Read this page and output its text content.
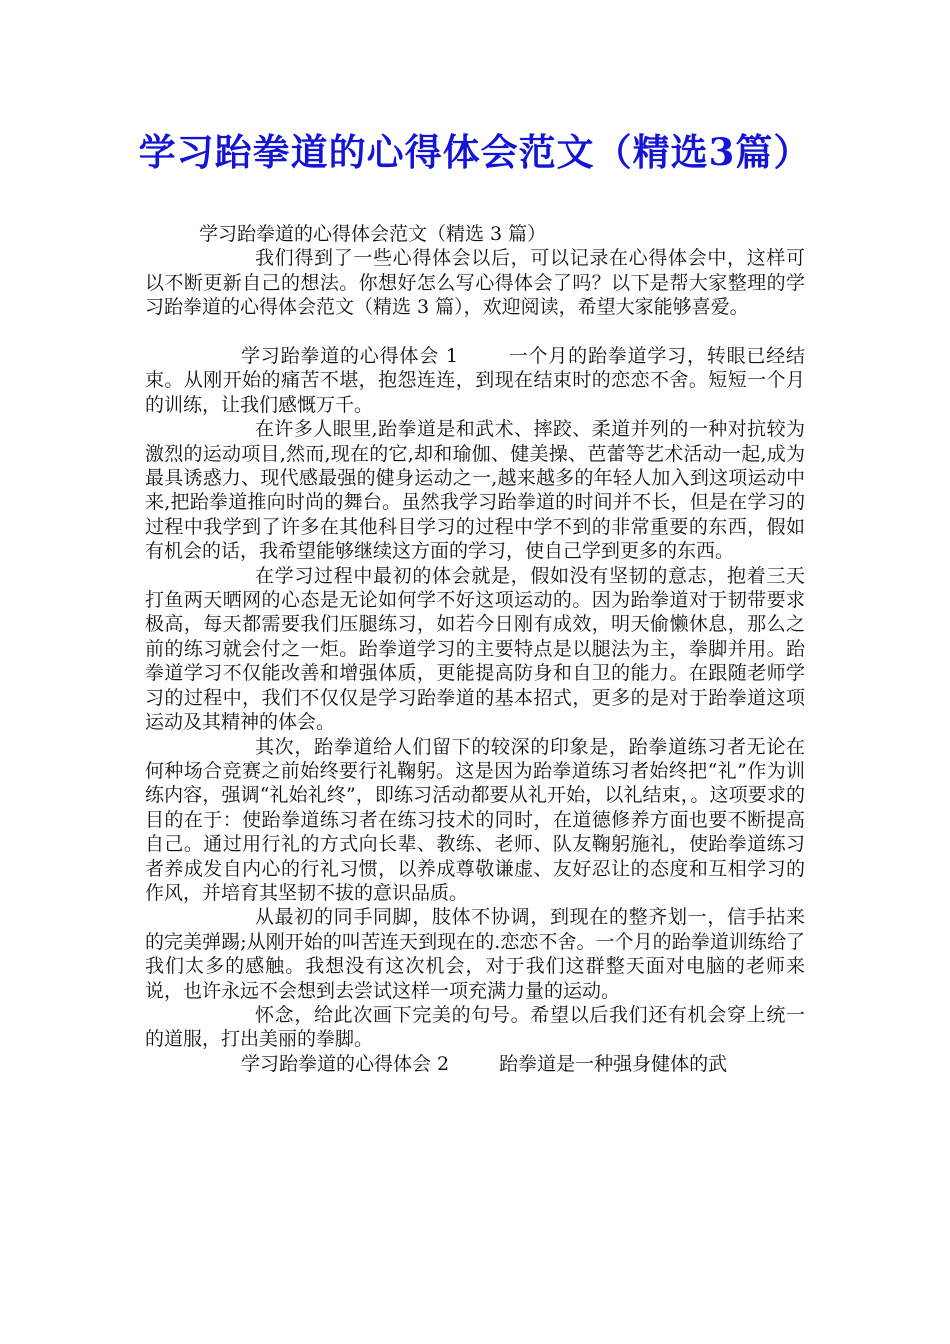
学习跆拳道的心得体会范文（精选3篇）

学习跆拳道的心得体会范文（精选 3 篇）

我们得到了一些心得体会以后，可以记录在心得体会中，这样可以不断更新自己的想法。你想好怎么写心得体会了吗？以下是帮大家整理的学习跆拳道的心得体会范文（精选 3 篇），欢迎阅读，希望大家能够喜爱。

学习跆拳道的心得体会 1	一个月的跆拳道学习，转眼已经结束。从刚开始的痛苦不堪，抱怨连连，到现在结束时的恋恋不舍。短短一个月的训练，让我们感慨万千。

在许多人眼里,跆拳道是和武术、摔跤、柔道并列的一种对抗较为激烈的运动项目,然而,现在的它,却和瑜伽、健美操、芭蕾等艺术活动一起,成为最具诱惑力、现代感最强的健身运动之一,越来越多的年轻人加入到这项运动中来,把跆拳道推向时尚的舞台。虽然我学习跆拳道的时间并不长，但是在学习的过程中我学到了许多在其他科目学习的过程中学不到的非常重要的东西，假如有机会的话，我希望能够继续这方面的学习，使自己学到更多的东西。

在学习过程中最初的体会就是，假如没有坚韧的意志，抱着三天打鱼两天晒网的心态是无论如何学不好这项运动的。因为跆拳道对于韧带要求极高，每天都需要我们压腿练习，如若今日刚有成效，明天偷懒休息，那么之前的练习就会付之一炬。跆拳道学习的主要特点是以腿法为主，拳脚并用。跆拳道学习不仅能改善和增强体质，更能提高防身和自卫的能力。在跟随老师学习的过程中，我们不仅仅是学习跆拳道的基本招式，更多的是对于跆拳道这项运动及其精神的体会。

其次，跆拳道给人们留下的较深的印象是，跆拳道练习者无论在何种场合竞赛之前始终要行礼鞠躬。这是因为跆拳道练习者始终把“礼”作为训练内容，强调“礼始礼终”，即练习活动都要从礼开始，以礼结束，。这项要求的目的在于：使跆拳道练习者在练习技术的同时，在道德修养方面也要不断提高自己。通过用行礼的方式向长辈、教练、老师、队友鞠躬施礼，使跆拳道练习者养成发自内心的行礼习惯，以养成尊敬谦虚、友好忍让的态度和互相学习的作风，并培育其坚韧不拔的意识品质。

从最初的同手同脚，肢体不协调，到现在的整齐划一，信手拈来的完美弹踢;从刚开始的叫苦连天到现在的.恋恋不舍。一个月的跆拳道训练给了我们太多的感触。我想没有这次机会，对于我们这群整天面对电脑的老师来说，也许永远不会想到去尝试这样一项充满力量的运动。

怀念，给此次画下完美的句号。希望以后我们还有机会穿上统一的道服，打出美丽的拳脚。

学习跆拳道的心得体会 2	跆拳道是一种强身健体的武
